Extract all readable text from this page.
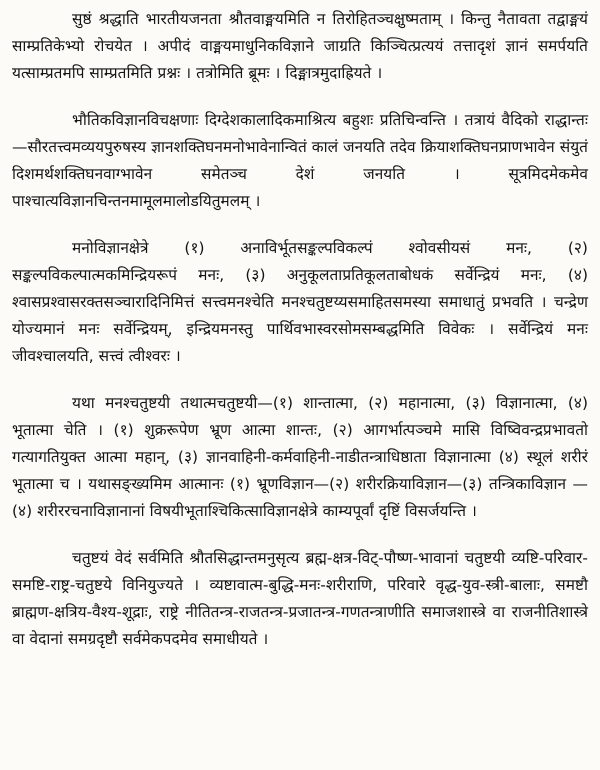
सुष्ठं श्रद्धाति भारतीयजनता श्रौतवाङ्मयमिति न तिरोहितञ्चक्षुष्मताम् । किन्तु नैतावता तद्वाङ्मयं साम्प्रतिकेभ्यो रोचयेत । अपीदं वाङ्मयमाधुनिकविज्ञाने जाग्रति किञ्चित्प्रत्ययं तत्तादृशं ज्ञानं समर्पयति यत्साम्प्रतमपि साम्प्रतमिति प्रश्नः । तत्रोमिति ब्रूमः । दिङ्मात्रमुदाह्रियते ।

भौतिकविज्ञानविचक्षणाः दिग्देशकालादिकमाश्रित्य बहुशः प्रतिचिन्वन्ति । तत्रायं वैदिको राद्धान्तः—सौरतत्त्वमव्ययपुरुषस्य ज्ञानशक्तिघनमनोभावेनान्वितं कालं जनयति तदेव क्रियाशक्तिघनप्राणभावेन संयुतं दिशमर्थशक्तिघनवाग्भावेन समेतञ्च देशं जनयति । सूत्रमिदमेकमेव पाश्चात्यविज्ञानचिन्तनमामूलमालोडयितुमलम् ।

मनोविज्ञानक्षेत्रे (१) अनाविर्भूतसङ्कल्पविकल्पं श्वोवसीयसं मनः, (२) सङ्कल्पविकल्पात्मकमिन्द्रियरूपं मनः, (३) अनुकूलताप्रतिकूलताबोधकं सर्वेन्द्रियं मनः, (४) श्वासप्रश्वासरक्तसञ्चारादिनिमित्तं सत्त्वमनश्चेति मनश्चतुष्टय्यसमाहितसमस्या समाधातुं प्रभवति । चन्द्रेण योज्यमानं मनः सर्वेन्द्रियम्, इन्द्रियमनस्तु पार्थिवभास्वरसोमसम्बद्धमिति विवेकः । सर्वेन्द्रियं मनः जीवश्चालयति, सत्त्वं त्वीश्वरः ।

यथा मनश्चतुष्टयी तथात्मचतुष्टयी—(१) शान्तात्मा, (२) महानात्मा, (३) विज्ञानात्मा, (४) भूतात्मा चेति । (१) शुक्ररूपेण भ्रूण आत्मा शान्तः, (२) आगर्भात्पञ्चमे मासि विष्विवन्द्रप्रभावतो गत्यागतियुक्त आत्मा महान्, (३) ज्ञानवाहिनी-कर्मवाहिनी-नाडीतन्त्राधिष्ठाता विज्ञानात्मा (४) स्थूलं शरीरं भूतात्मा च । यथासङ्ख्यमिम आत्मानः (१) भ्रूणविज्ञान—(२) शरीरक्रियाविज्ञान—(३) तन्त्रिकाविज्ञान —(४) शरीररचनाविज्ञानानां विषयीभूताश्चिकित्साविज्ञानक्षेत्रे काम्यपूर्वां दृष्टिं विसर्जयन्ति ।

चतुष्टयं वेदं सर्वमिति श्रौतसिद्धान्तमनुसृत्य ब्रह्म-क्षत्र-विट्-पौष्ण-भावानां चतुष्टयी व्यष्टि-परिवार-समष्टि-राष्ट्र-चतुष्टये विनियुज्यते । व्यष्टावात्म-बुद्धि-मनः-शरीराणि, परिवारे वृद्ध-युव-स्त्री-बालाः, समष्टौ ब्राह्मण-क्षत्रिय-वैश्य-शूद्राः, राष्ट्रे नीतितन्त्र-राजतन्त्र-प्रजातन्त्र-गणतन्त्राणीति समाजशास्त्रे वा राजनीतिशास्त्रे वा वेदानां समग्रदृष्टौ सर्वमेकपदमेव समाधीयते ।
